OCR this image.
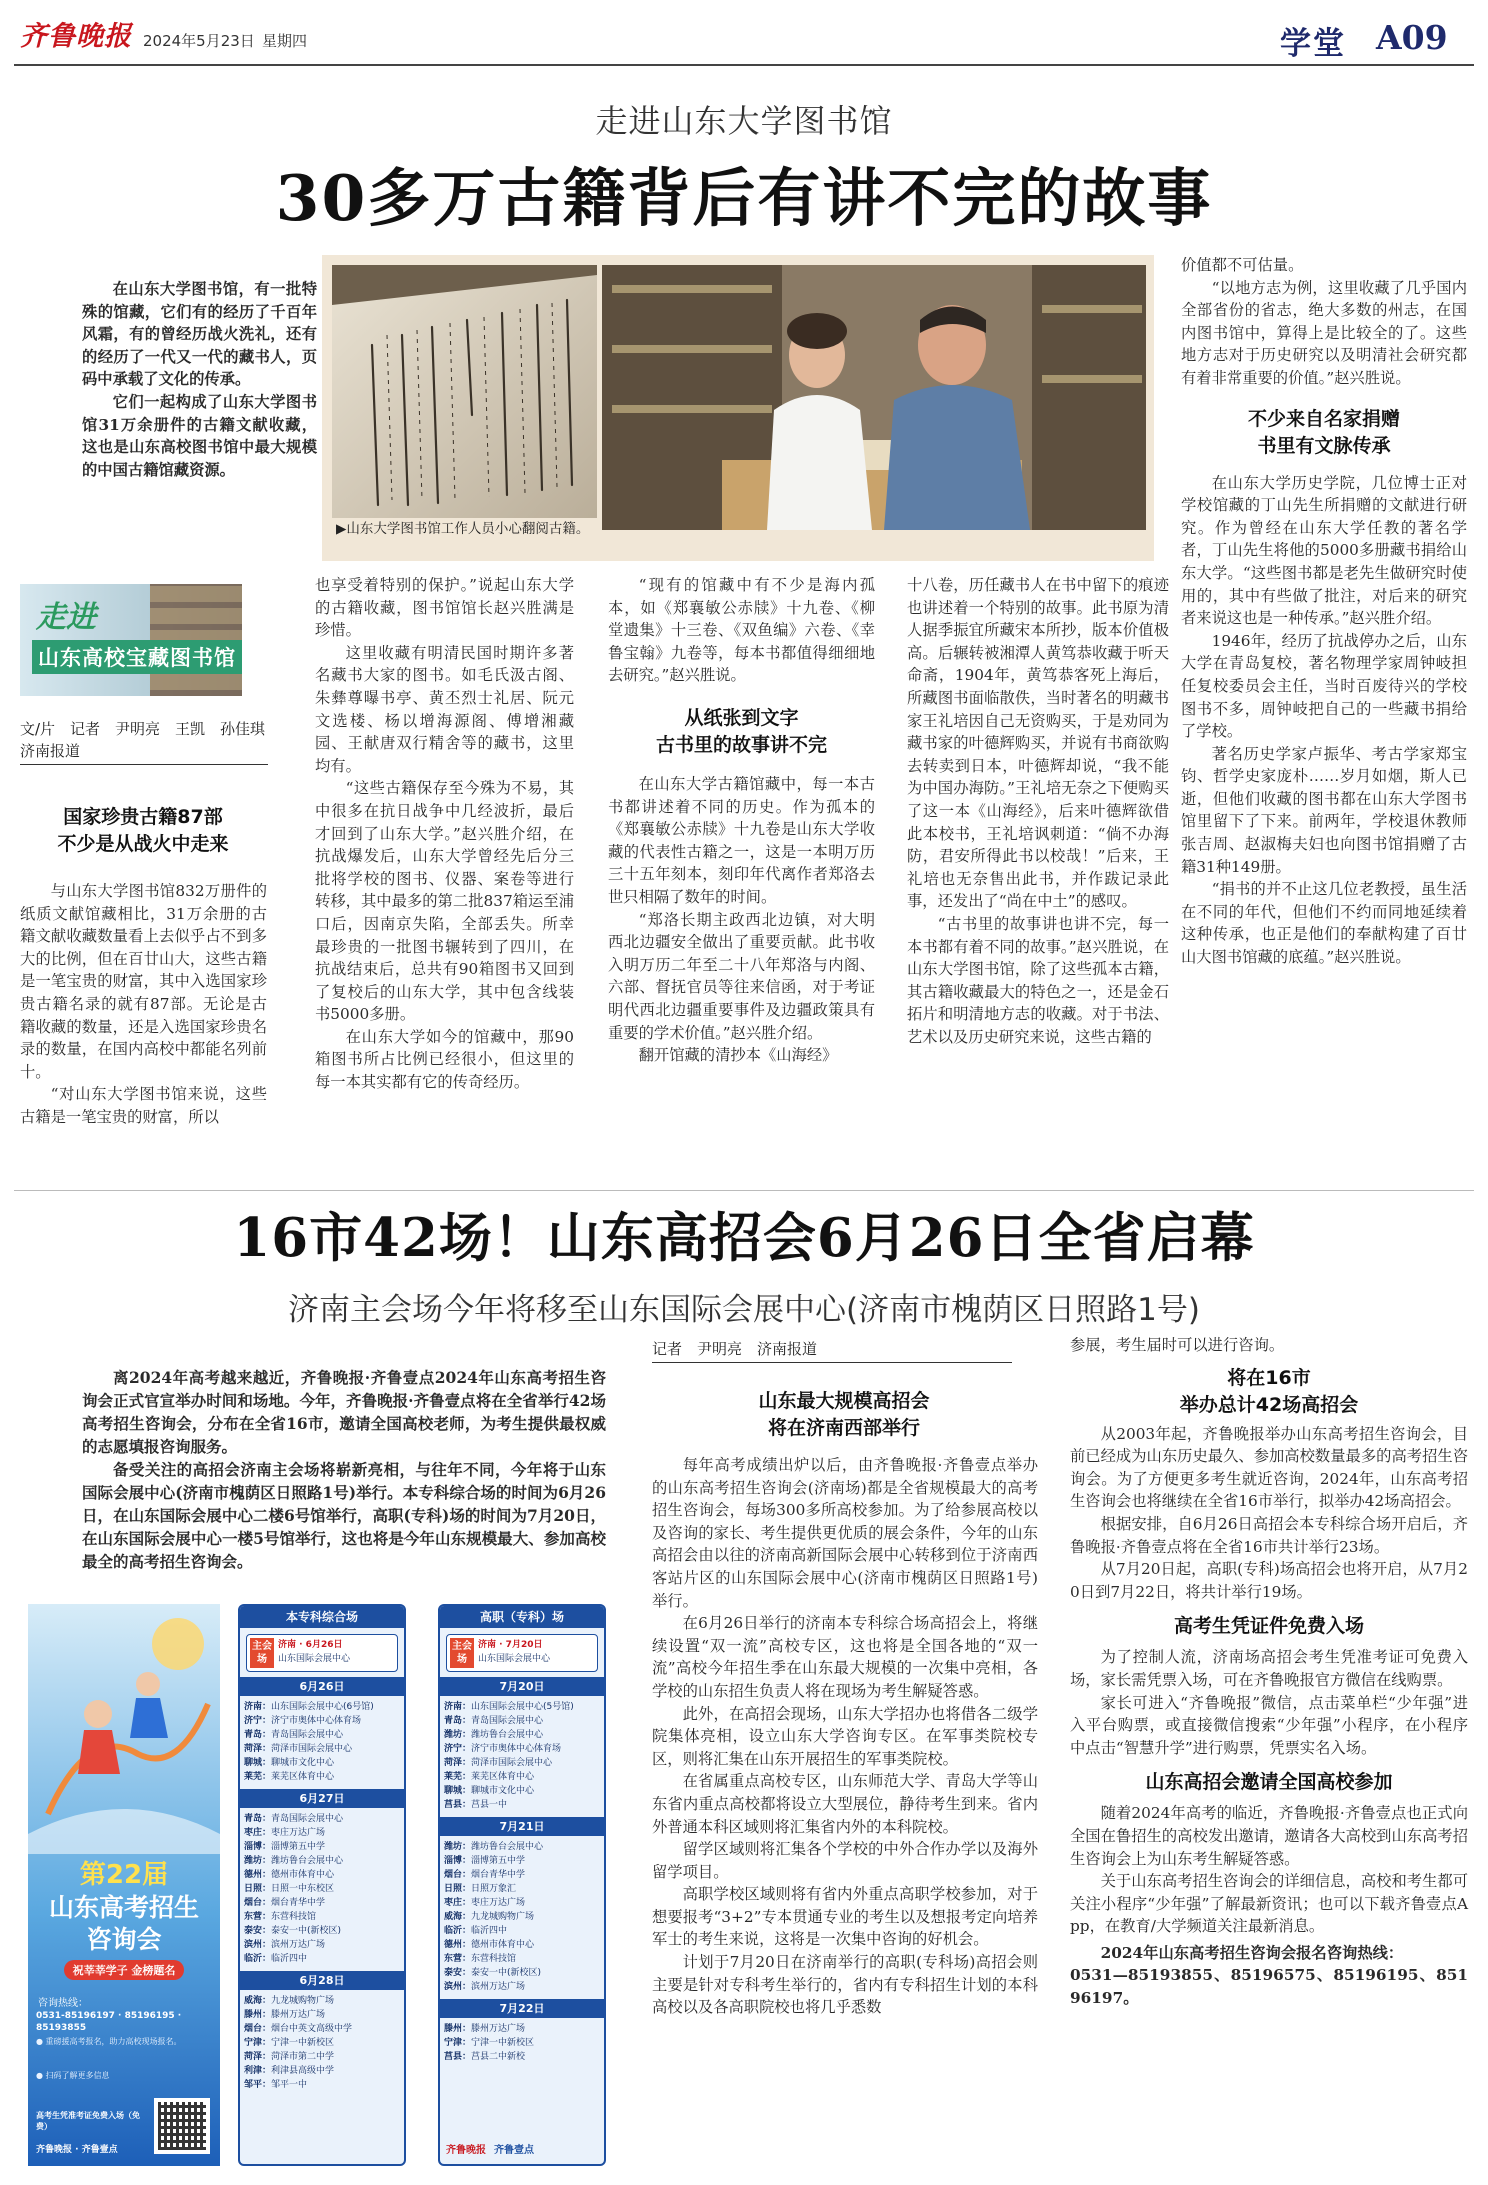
齐鲁晚报 2024年5月23日 星期四	学堂 A09
走进山东大学图书馆
30多万古籍背后有讲不完的故事

在山东大学图书馆，有一批特殊的馆藏，它们有的经历了千百年风霜，有的曾经历战火洗礼，还有的经历了一代又一代的藏书人，页码中承载了文化的传承。

它们一起构成了山东大学图书馆31万余册件的古籍文献收藏，这也是山东高校图书馆中最大规模的中国古籍馆藏资源。

▶山东大学图书馆工作人员小心翻阅古籍。
走进
山东高校宝藏图书馆
文/片　记者　尹明亮　王凯　孙佳琪　济南报道
国家珍贵古籍87部
不少是从战火中走来

与山东大学图书馆832万册件的纸质文献馆藏相比，31万余册的古籍文献收藏数量看上去似乎占不到多大的比例，但在百廿山大，这些古籍是一笔宝贵的财富，其中入选国家珍贵古籍名录的就有87部。无论是古籍收藏的数量，还是入选国家珍贵名录的数量，在国内高校中都能名列前十。

“对山东大学图书馆来说，这些古籍是一笔宝贵的财富，所以

也享受着特别的保护。”说起山东大学的古籍收藏，图书馆馆长赵兴胜满是珍惜。

这里收藏有明清民国时期许多著名藏书大家的图书。如毛氏汲古阁、朱彝尊曝书亭、黄丕烈士礼居、阮元文选楼、杨以增海源阁、傅增湘藏园、王献唐双行精舍等的藏书，这里均有。

“这些古籍保存至今殊为不易，其中很多在抗日战争中几经波折，最后才回到了山东大学。”赵兴胜介绍，在抗战爆发后，山东大学曾经先后分三批将学校的图书、仪器、案卷等进行转移，其中最多的第二批837箱运至浦口后，因南京失陷，全部丢失。所幸最珍贵的一批图书辗转到了四川，在抗战结束后，总共有90箱图书又回到了复校后的山东大学，其中包含线装书5000多册。

在山东大学如今的馆藏中，那90箱图书所占比例已经很小，但这里的每一本其实都有它的传奇经历。

“现有的馆藏中有不少是海内孤本，如《郑襄敏公赤牍》十九卷、《柳堂遗集》十三卷、《双鱼编》六卷、《幸鲁宝翰》九卷等，每本书都值得细细地去研究。”赵兴胜说。

从纸张到文字
古书里的故事讲不完

在山东大学古籍馆藏中，每一本古书都讲述着不同的历史。作为孤本的《郑襄敏公赤牍》十九卷是山东大学收藏的代表性古籍之一，这是一本明万历三十五年刻本，刻印年代离作者郑洛去世只相隔了数年的时间。

“郑洛长期主政西北边镇，对大明西北边疆安全做出了重要贡献。此书收入明万历二年至二十八年郑洛与内阁、六部、督抚官员等往来信函，对于考证明代西北边疆重要事件及边疆政策具有重要的学术价值。”赵兴胜介绍。

翻开馆藏的清抄本《山海经》

十八卷，历任藏书人在书中留下的痕迹也讲述着一个特别的故事。此书原为清人据季振宜所藏宋本所抄，版本价值极高。后辗转被湘潭人黄笃恭收藏于听天命斋，1904年，黄笃恭客死上海后，所藏图书面临散佚，当时著名的明藏书家王礼培因自己无资购买，于是劝同为藏书家的叶德辉购买，并说有书商欲购去转卖到日本，叶德辉却说，“我不能为中国办海防。”王礼培无奈之下便购买了这一本《山海经》，后来叶德辉欲借此本校书，王礼培讽刺道：“倘不办海防，君安所得此书以校哉！”后来，王礼培也无奈售出此书，并作跋记录此事，还发出了“尚在中土”的感叹。

“古书里的故事讲也讲不完，每一本书都有着不同的故事。”赵兴胜说，在山东大学图书馆，除了这些孤本古籍，其古籍收藏最大的特色之一，还是金石拓片和明清地方志的收藏。对于书法、艺术以及历史研究来说，这些古籍的

价值都不可估量。

“以地方志为例，这里收藏了几乎国内全部省份的省志，绝大多数的州志，在国内图书馆中，算得上是比较全的了。这些地方志对于历史研究以及明清社会研究都有着非常重要的价值。”赵兴胜说。

不少来自名家捐赠
书里有文脉传承

在山东大学历史学院，几位博士正对学校馆藏的丁山先生所捐赠的文献进行研究。作为曾经在山东大学任教的著名学者，丁山先生将他的5000多册藏书捐给山东大学。“这些图书都是老先生做研究时使用的，其中有些做了批注，对后来的研究者来说这也是一种传承。”赵兴胜介绍。

1946年，经历了抗战停办之后，山东大学在青岛复校，著名物理学家周钟岐担任复校委员会主任，当时百废待兴的学校图书不多，周钟岐把自己的一些藏书捐给了学校。

著名历史学家卢振华、考古学家郑宝钧、哲学史家庞朴……岁月如烟，斯人已逝，但他们收藏的图书都在山东大学图书馆里留下了下来。前两年，学校退休教师张吉周、赵淑梅夫妇也向图书馆捐赠了古籍31种149册。

“捐书的并不止这几位老教授，虽生活在不同的年代，但他们不约而同地延续着这种传承，也正是他们的奉献构建了百廿山大图书馆藏的底蕴。”赵兴胜说。

16市42场！山东高招会6月26日全省启幕
济南主会场今年将移至山东国际会展中心(济南市槐荫区日照路1号)

离2024年高考越来越近，齐鲁晚报·齐鲁壹点2024年山东高考招生咨询会正式官宣举办时间和场地。今年，齐鲁晚报·齐鲁壹点将在全省举行42场高考招生咨询会，分布在全省16市，邀请全国高校老师，为考生提供最权威的志愿填报咨询服务。

备受关注的高招会济南主会场将崭新亮相，与往年不同，今年将于山东国际会展中心(济南市槐荫区日照路1号)举行。本专科综合场的时间为6月26日，在山东国际会展中心二楼6号馆举行，高职(专科)场的时间为7月20日，在山东国际会展中心一楼5号馆举行，这也将是今年山东规模最大、参加高校最全的高考招生咨询会。

第22届
山东高考招生
咨询会
祝莘莘学子 金榜题名
咨询热线：
0531-85196197 · 85196195 · 85193855
● 重磅援高考报名，助力高校现场报名。
● 扫码了解更多信息
高考生凭准考证免费入场（免费）
齐鲁晚报 · 齐鲁壹点
本专科综合场
主会场
济南 · 6月26日
山东国际会展中心
6月26日
济南：山东国际会展中心(6号馆)
济宁：济宁市奥体中心体育场
青岛：青岛国际会展中心
菏泽：菏泽市国际会展中心
聊城：聊城市文化中心
莱芜：莱芜区体育中心
6月27日
青岛：青岛国际会展中心
枣庄：枣庄万达广场
淄博：淄博第五中学
潍坊：潍坊鲁台会展中心
德州：德州市体育中心
日照：日照一中东校区
烟台：烟台青华中学
东营：东营科技馆
泰安：泰安一中(新校区)
滨州：滨州万达广场
临沂：临沂四中
6月28日
威海：九龙城购物广场
滕州：滕州万达广场
烟台：烟台中英文高级中学
宁津：宁津一中新校区
菏泽：菏泽市第二中学
利津：利津县高级中学
邹平：邹平一中
高职（专科）场
主会场
济南 · 7月20日
山东国际会展中心
7月20日
济南：山东国际会展中心(5号馆)
青岛：青岛国际会展中心
潍坊：潍坊鲁台会展中心
济宁：济宁市奥体中心体育场
菏泽：菏泽市国际会展中心
莱芜：莱芜区体育中心
聊城：聊城市文化中心
莒县：莒县一中
7月21日
潍坊：潍坊鲁台会展中心
淄博：淄博第五中学
烟台：烟台青华中学
日照：日照万象汇
枣庄：枣庄万达广场
威海：九龙城购物广场
临沂：临沂四中
德州：德州市体育中心
东营：东营科技馆
泰安：泰安一中(新校区)
滨州：滨州万达广场
7月22日
滕州：滕州万达广场
宁津：宁津一中新校区
莒县：莒县二中新校
齐鲁晚报 齐鲁壹点
记者　尹明亮　济南报道
山东最大规模高招会
将在济南西部举行

每年高考成绩出炉以后，由齐鲁晚报·齐鲁壹点举办的山东高考招生咨询会(济南场)都是全省规模最大的高考招生咨询会，每场300多所高校参加。为了给参展高校以及咨询的家长、考生提供更优质的展会条件，今年的山东高招会由以往的济南高新国际会展中心转移到位于济南西客站片区的山东国际会展中心(济南市槐荫区日照路1号)举行。

在6月26日举行的济南本专科综合场高招会上，将继续设置“双一流”高校专区，这也将是全国各地的“双一流”高校今年招生季在山东最大规模的一次集中亮相，各学校的山东招生负责人将在现场为考生解疑答惑。

此外，在高招会现场，山东大学招办也将借各二级学院集体亮相，设立山东大学咨询专区。在军事类院校专区，则将汇集在山东开展招生的军事类院校。

在省属重点高校专区，山东师范大学、青岛大学等山东省内重点高校都将设立大型展位，静待考生到来。省内外普通本科区域则将汇集省内外的本科院校。

留学区域则将汇集各个学校的中外合作办学以及海外留学项目。

高职学校区域则将有省内外重点高职学校参加，对于想要报考“3+2”专本贯通专业的考生以及想报考定向培养军士的考生来说，这将是一次集中咨询的好机会。

计划于7月20日在济南举行的高职(专科场)高招会则主要是针对专科考生举行的，省内有专科招生计划的本科高校以及各高职院校也将几乎悉数

参展，考生届时可以进行咨询。

将在16市
举办总计42场高招会

从2003年起，齐鲁晚报举办山东高考招生咨询会，目前已经成为山东历史最久、参加高校数量最多的高考招生咨询会。为了方便更多考生就近咨询，2024年，山东高考招生咨询会也将继续在全省16市举行，拟举办42场高招会。

根据安排，自6月26日高招会本专科综合场开启后，齐鲁晚报·齐鲁壹点将在全省16市共计举行23场。

从7月20日起，高职(专科)场高招会也将开启，从7月20日到7月22日，将共计举行19场。

高考生凭证件免费入场

为了控制人流，济南场高招会考生凭准考证可免费入场，家长需凭票入场，可在齐鲁晚报官方微信在线购票。

家长可进入“齐鲁晚报”微信，点击菜单栏“少年强”进入平台购票，或直接微信搜索“少年强”小程序，在小程序中点击“智慧升学”进行购票，凭票实名入场。

山东高招会邀请全国高校参加

随着2024年高考的临近，齐鲁晚报·齐鲁壹点也正式向全国在鲁招生的高校发出邀请，邀请各大高校到山东高考招生咨询会上为山东考生解疑答惑。

关于山东高考招生咨询会的详细信息，高校和考生都可关注小程序“少年强”了解最新资讯；也可以下载齐鲁壹点App，在教育/大学频道关注最新消息。

2024年山东高考招生咨询会报名咨询热线：

0531—85193855、85196575、85196195、85196197。
